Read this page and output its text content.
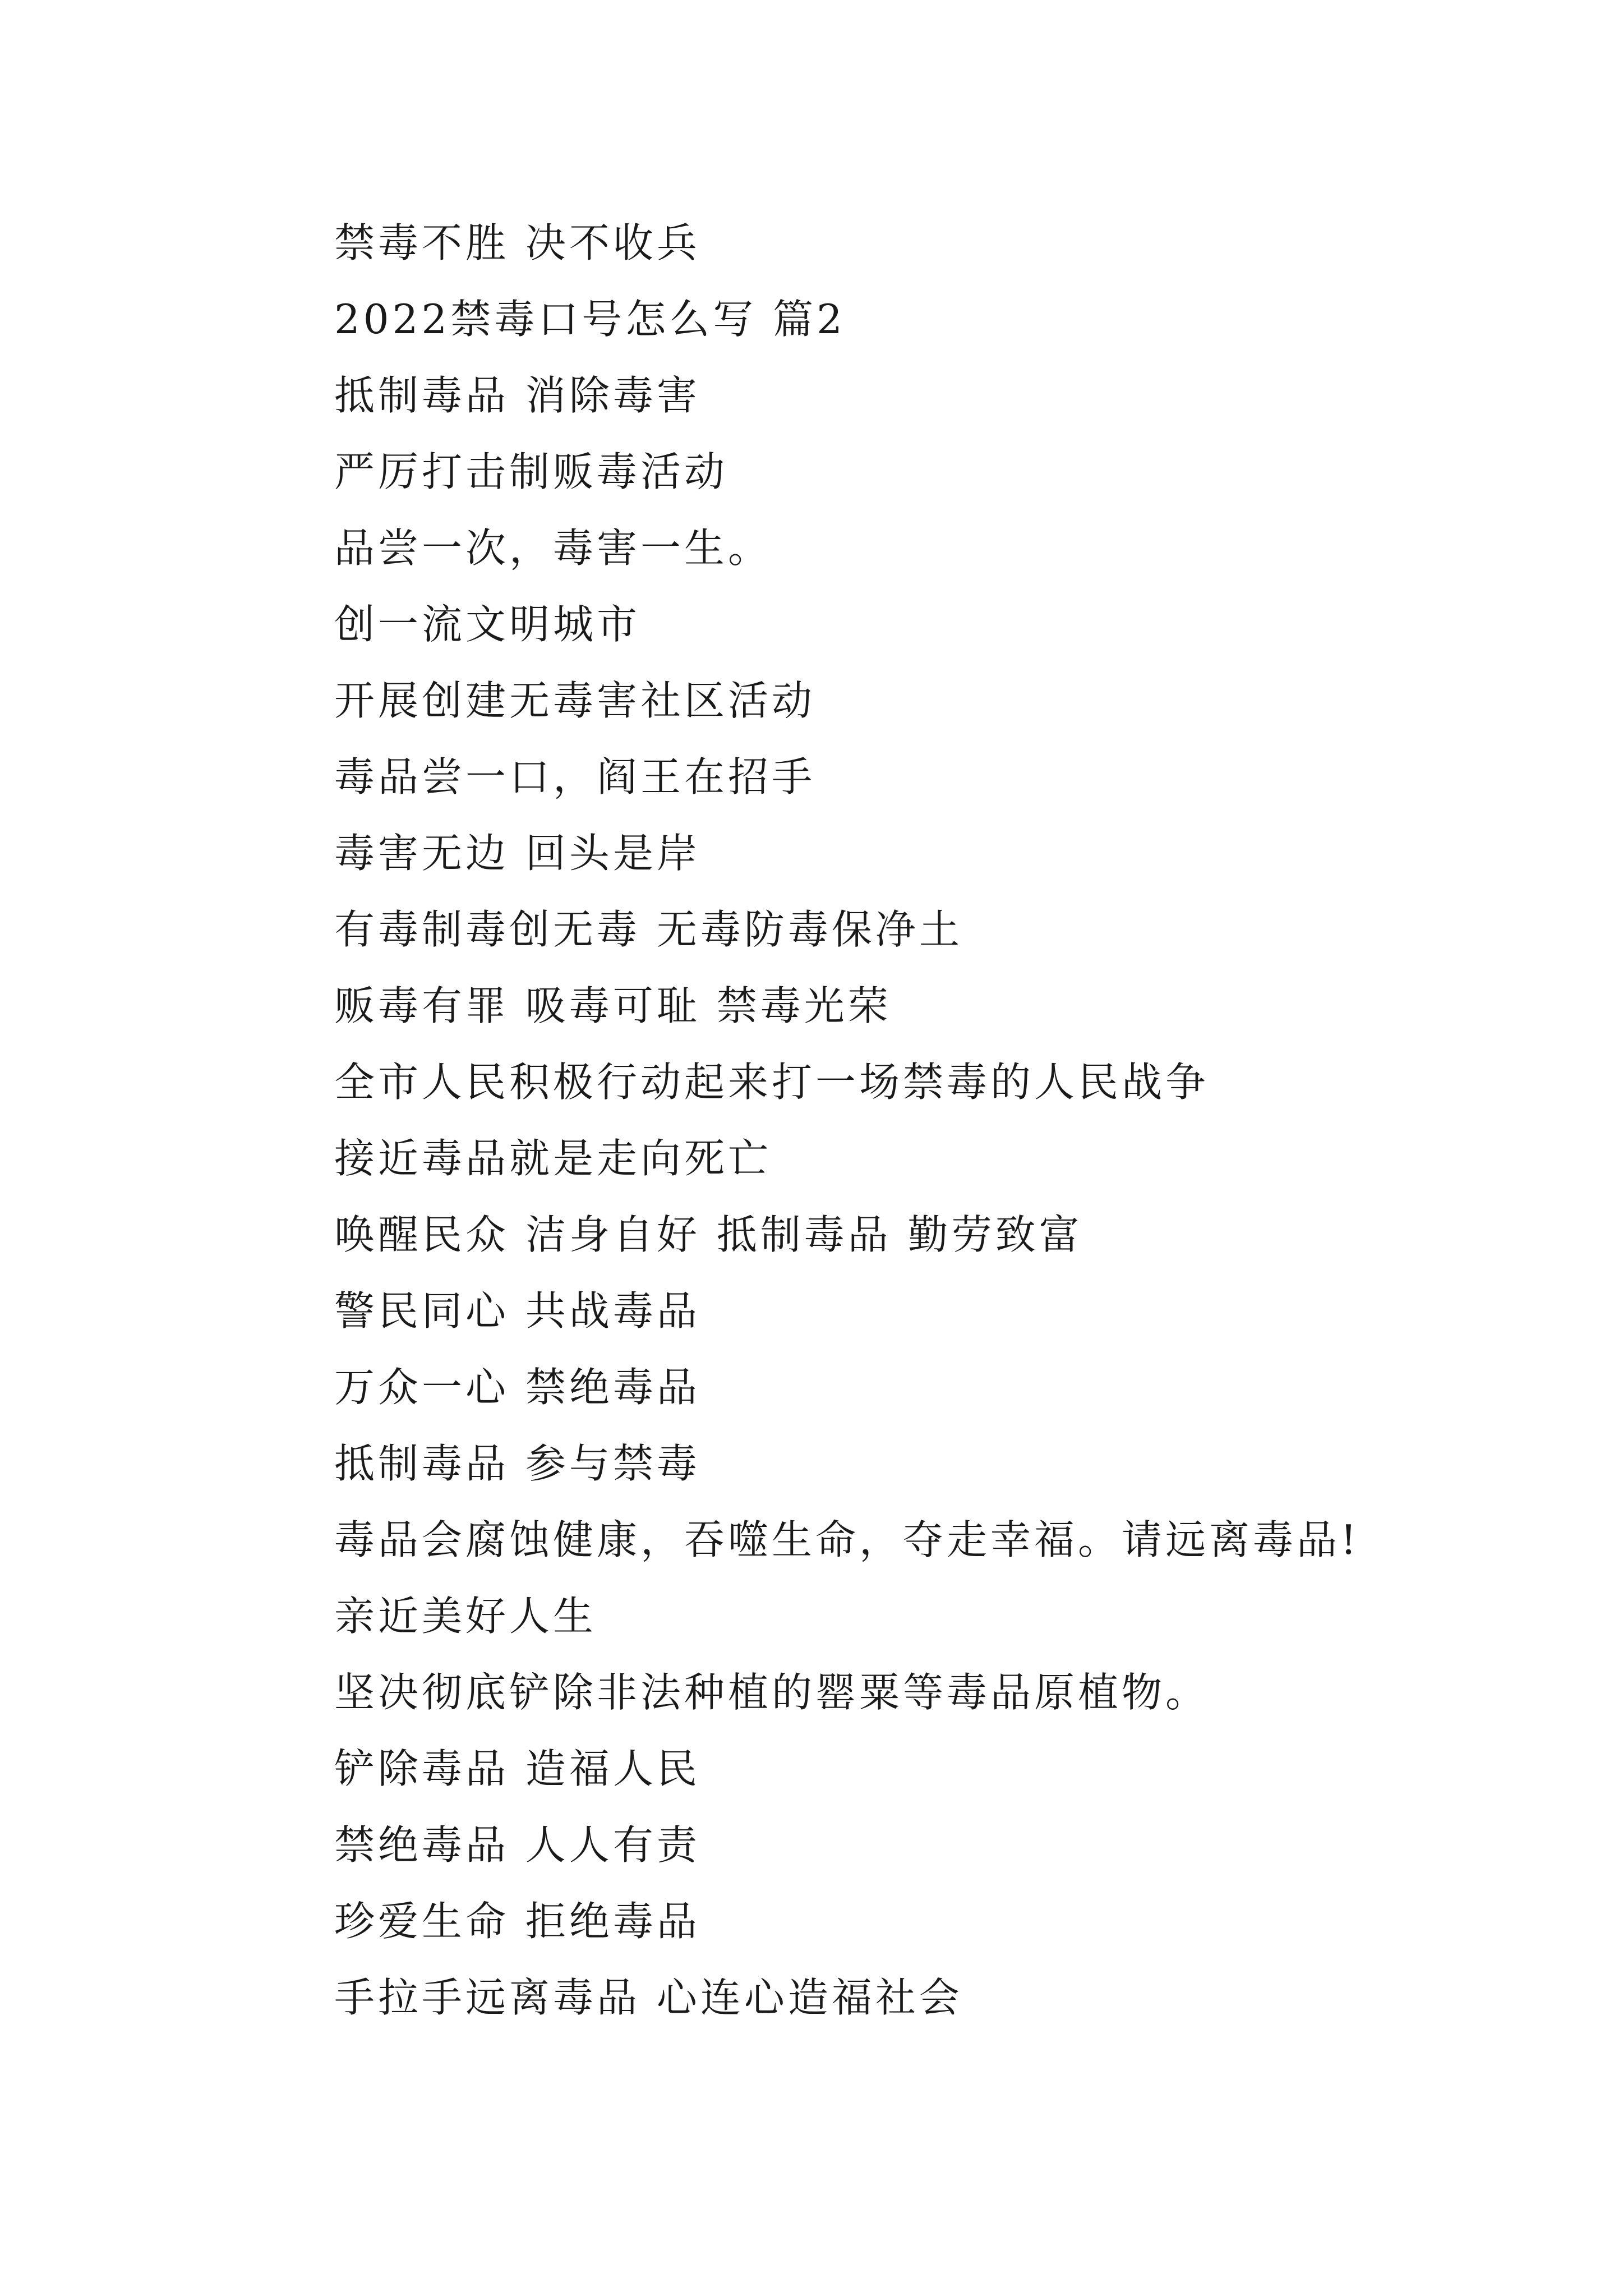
禁毒不胜 决不收兵
2022禁毒口号怎么写 篇2
抵制毒品 消除毒害
严厉打击制贩毒活动
品尝一次，毒害一生。
创一流文明城市
开展创建无毒害社区活动
毒品尝一口，阎王在招手
毒害无边 回头是岸
有毒制毒创无毒 无毒防毒保净土
贩毒有罪 吸毒可耻 禁毒光荣
全市人民积极行动起来打一场禁毒的人民战争
接近毒品就是走向死亡
唤醒民众 洁身自好 抵制毒品 勤劳致富
警民同心 共战毒品
万众一心 禁绝毒品
抵制毒品 参与禁毒
毒品会腐蚀健康，吞噬生命，夺走幸福。请远离毒品!
亲近美好人生
坚决彻底铲除非法种植的罂粟等毒品原植物。
铲除毒品 造福人民
禁绝毒品 人人有责
珍爱生命 拒绝毒品
手拉手远离毒品 心连心造福社会
